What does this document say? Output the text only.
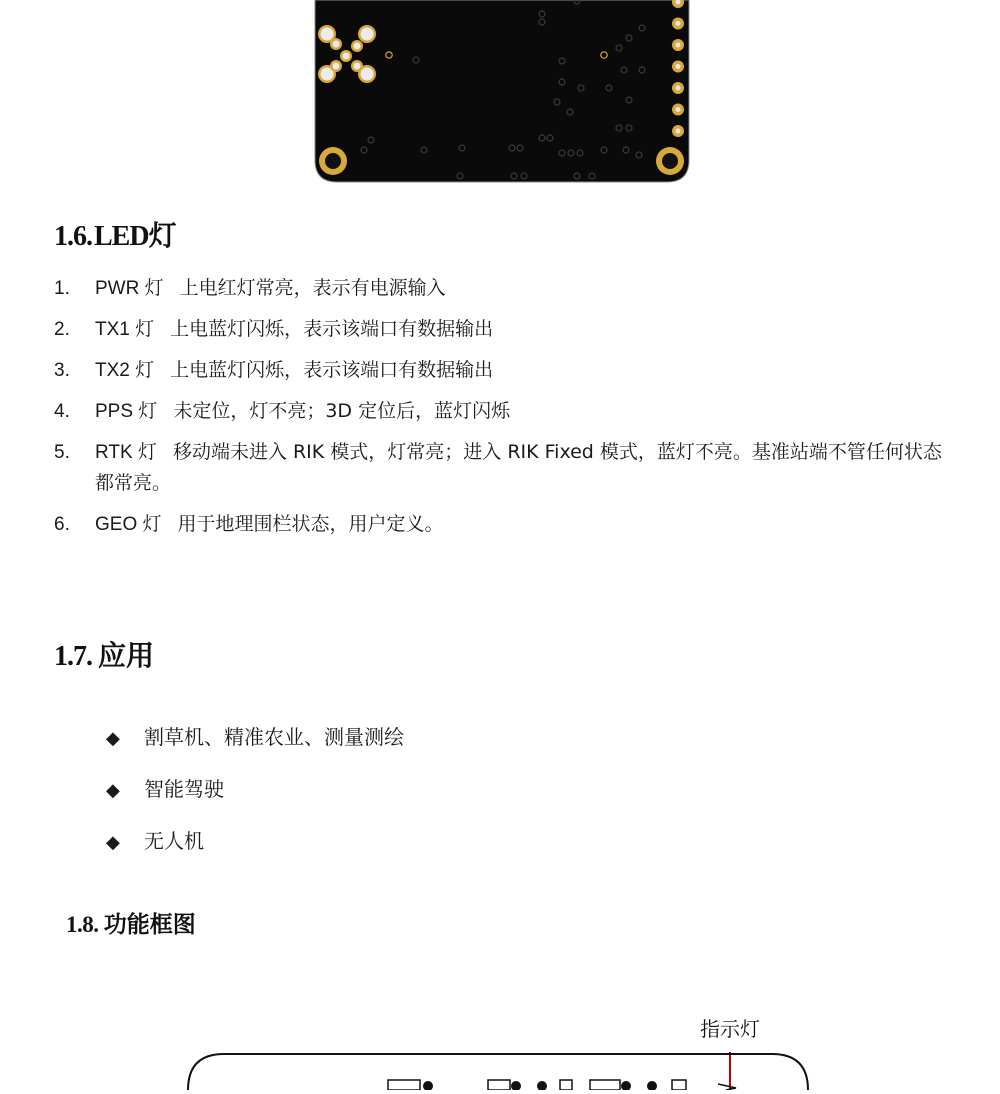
1.6.LED灯
1.	PWR 灯 上电红灯常亮，表示有电源输入
2.	TX1 灯 上电蓝灯闪烁，表示该端口有数据输出
3.	TX2 灯 上电蓝灯闪烁，表示该端口有数据输出
4.	PPS 灯 未定位，灯不亮；3D 定位后，蓝灯闪烁
5.	RTK 灯 移动端未进入 RIK 模式，灯常亮；进入 RIK Fixed 模式，蓝灯不亮。基准站端不管任何状态都常亮。
6.	GEO 灯 用于地理围栏状态，用户定义。
1.7. 应用
◆ 割草机、精准农业、测量测绘
◆ 智能驾驶
◆ 无人机
1.8. 功能框图
指示灯
